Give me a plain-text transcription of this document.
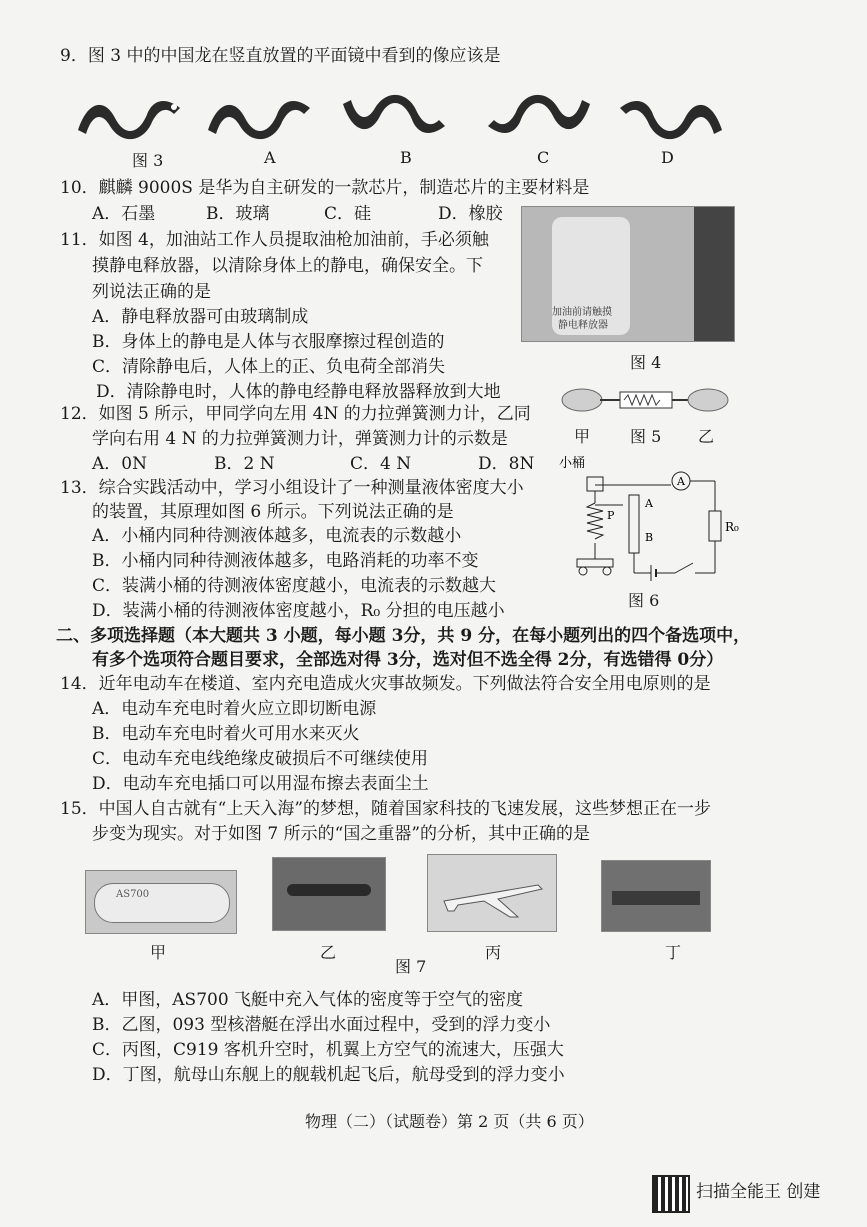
9．图 3 中的中国龙在竖直放置的平面镜中看到的像应该是
图 3	A	B	C	D
10．麒麟 9000S 是华为自主研发的一款芯片，制造芯片的主要材料是
A．石墨	B．玻璃	C．硅	D．橡胶
11．如图 4，加油站工作人员提取油枪加油前，手必须触
摸静电释放器，以清除身体上的静电，确保安全。下
列说法正确的是
A．静电释放器可由玻璃制成
B．身体上的静电是人体与衣服摩擦过程创造的
C．清除静电后，人体上的正、负电荷全部消失
D．清除静电时，人体的静电经静电释放器释放到大地
加油前请触摸
静电释放器
图 4
12．如图 5 所示，甲同学向左用 4N 的力拉弹簧测力计，乙同
学向右用 4 N 的力拉弹簧测力计，弹簧测力计的示数是
A．0N	B．2 N	C．4 N	D．8N
甲 图 5 乙
13．综合实践活动中，学习小组设计了一种测量液体密度大小
的装置，其原理如图 6 所示。下列说法正确的是
A．小桶内同种待测液体越多，电流表的示数越小
B．小桶内同种待测液体越多，电路消耗的功率不变
C．装满小桶的待测液体密度越小，电流表的示数越大
D．装满小桶的待测液体密度越小，R₀ 分担的电压越小
小桶
A
R₀
P
A
B
图 6
二、多项选择题（本大题共 3 小题，每小题 3分，共 9 分，在每小题列出的四个备选项中，
有多个选项符合题目要求，全部选对得 3分，选对但不选全得 2分，有选错得 0分）
14．近年电动车在楼道、室内充电造成火灾事故频发。下列做法符合安全用电原则的是
A．电动车充电时着火应立即切断电源
B．电动车充电时着火可用水来灭火
C．电动车充电线绝缘皮破损后不可继续使用
D．电动车充电插口可以用湿布擦去表面尘土
15．中国人自古就有“上天入海”的梦想，随着国家科技的飞速发展，这些梦想正在一步
步变为现实。对于如图 7 所示的“国之重器”的分析，其中正确的是
AS700
甲	乙	丙	丁
图 7
A．甲图，AS700 飞艇中充入气体的密度等于空气的密度
B．乙图，093 型核潜艇在浮出水面过程中，受到的浮力变小
C．丙图，C919 客机升空时，机翼上方空气的流速大，压强大
D．丁图，航母山东舰上的舰载机起飞后，航母受到的浮力变小
物理（二）（试题卷）第 2 页（共 6 页）
扫描全能王 创建
